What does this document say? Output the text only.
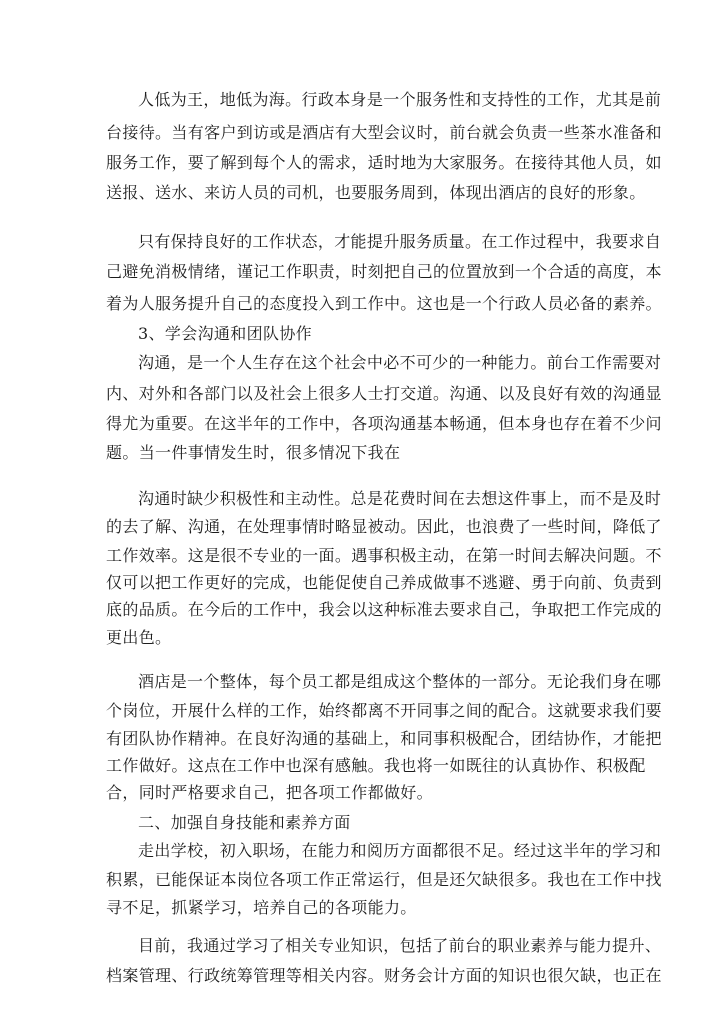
人低为王，地低为海。行政本身是一个服务性和支持性的工作，尤其是前

台接待。当有客户到访或是酒店有大型会议时，前台就会负责一些茶水准备和

服务工作，要了解到每个人的需求，适时地为大家服务。在接待其他人员，如

送报、送水、来访人员的司机，也要服务周到，体现出酒店的良好的形象。

只有保持良好的工作状态，才能提升服务质量。在工作过程中，我要求自

己避免消极情绪，谨记工作职责，时刻把自己的位置放到一个合适的高度，本

着为人服务提升自己的态度投入到工作中。这也是一个行政人员必备的素养。

3、学会沟通和团队协作

沟通，是一个人生存在这个社会中必不可少的一种能力。前台工作需要对

内、对外和各部门以及社会上很多人士打交道。沟通、以及良好有效的沟通显

得尤为重要。在这半年的工作中，各项沟通基本畅通，但本身也存在着不少问

题。当一件事情发生时，很多情况下我在

沟通时缺少积极性和主动性。总是花费时间在去想这件事上，而不是及时

的去了解、沟通，在处理事情时略显被动。因此，也浪费了一些时间，降低了

工作效率。这是很不专业的一面。遇事积极主动，在第一时间去解决问题。不

仅可以把工作更好的完成，也能促使自己养成做事不逃避、勇于向前、负责到

底的品质。在今后的工作中，我会以这种标准去要求自己，争取把工作完成的

更出色。

酒店是一个整体，每个员工都是组成这个整体的一部分。无论我们身在哪

个岗位，开展什么样的工作，始终都离不开同事之间的配合。这就要求我们要

有团队协作精神。在良好沟通的基础上，和同事积极配合，团结协作，才能把

工作做好。这点在工作中也深有感触。我也将一如既往的认真协作、积极配

合，同时严格要求自己，把各项工作都做好。

二、加强自身技能和素养方面

走出学校，初入职场，在能力和阅历方面都很不足。经过这半年的学习和

积累，已能保证本岗位各项工作正常运行，但是还欠缺很多。我也在工作中找

寻不足，抓紧学习，培养自己的各项能力。

目前，我通过学习了相关专业知识，包括了前台的职业素养与能力提升、

档案管理、行政统筹管理等相关内容。财务会计方面的知识也很欠缺，也正在
